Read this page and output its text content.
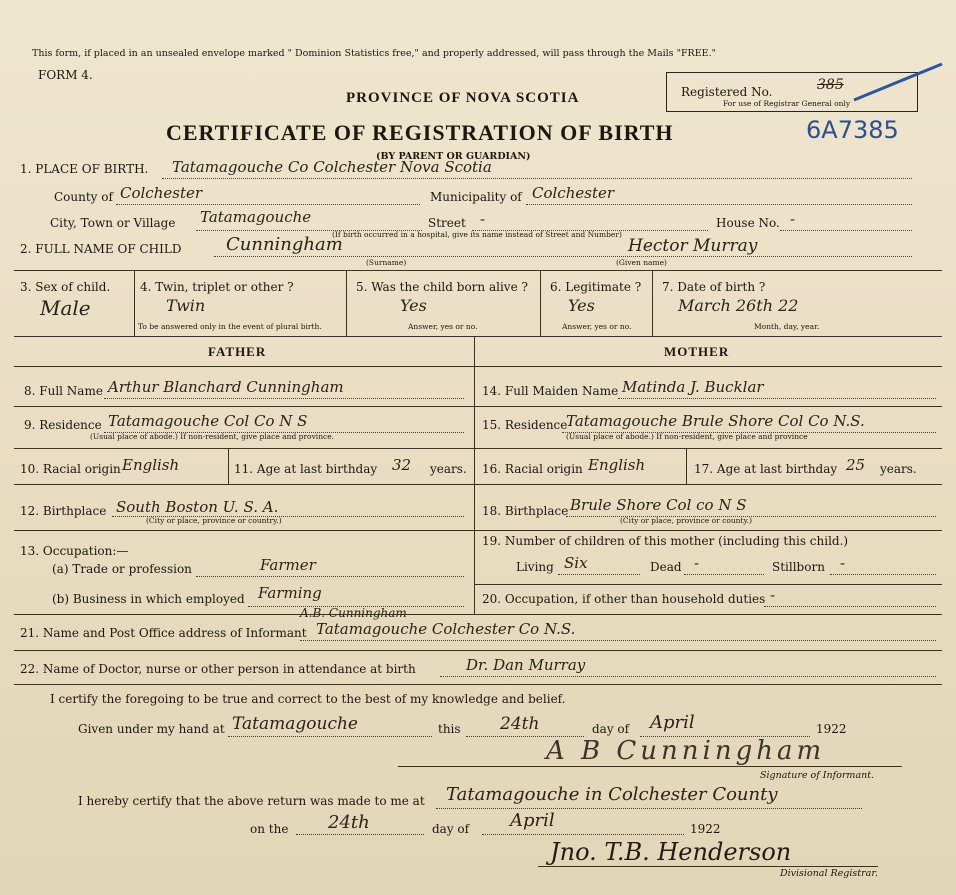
This form, if placed in an unsealed envelope marked " Dominion Statistics free," and properly addressed, will pass through the Mails "FREE."
FORM 4.
PROVINCE OF NOVA SCOTIA	Registered No.	385
For use of Registrar General only
CERTIFICATE OF REGISTRATION OF BIRTH	6A7385
(BY PARENT OR GUARDIAN)
1. PLACE OF BIRTH. Tatamagouche Co Colchester Nova Scotia
County of Colchester	Municipality of Colchester
City, Town or Village Tatamagouche	Street -	House No. -
(If birth occurred in a hospital, give its name instead of Street and Number)
2. FULL NAME OF CHILD Cunningham	Hector Murray
(Surname)	(Given name)
3. Sex of child.
Male
4. Twin, triplet or other ?
Twin
To be answered only in the event of plural birth.
5. Was the child born alive ?
Yes
Answer, yes or no.
6. Legitimate ?
Yes
Answer, yes or no.
7. Date of birth ?
March 26th 22
Month, day, year.
FATHER	MOTHER
8. Full Name Arthur Blanchard Cunningham
9. Residence Tatamagouche Col Co N S
(Usual place of abode.) If non-resident, give place and province.
10. Racial origin English	11. Age at last birthday 32 years.
12. Birthplace South Boston U. S. A.
(City or place, province or country.)
13. Occupation:—
(a) Trade or profession	Farmer
(b) Business in which employed Farming
14. Full Maiden Name Matinda J. Bucklar
15. Residence
Tatamagouche Brule Shore Col Co N.S.
(Usual place of abode.) If non-resident, give place and province
16. Racial origin English	17. Age at last birthday 25 years.
18. Birthplace Brule Shore Col co N S
(City or place, province or county.)
19. Number of children of this mother (including this child.)
Living Six	Dead -	Stillborn -
20. Occupation, if other than household duties -
A.B. Cunningham
21. Name and Post Office address of Informant Tatamagouche Colchester Co N.S.
22. Name of Doctor, nurse or other person in attendance at birth	Dr. Dan Murray
I certify the foregoing to be true and correct to the best of my knowledge and belief.
Given under my hand at Tatamagouche	this 24th	day of April	1922
A B Cunningham
Signature of Informant.
I hereby certify that the above return was made to me at Tatamagouche in Colchester County
on the 24th	day of April	1922
Jno. T.B. Henderson
Divisional Registrar.
